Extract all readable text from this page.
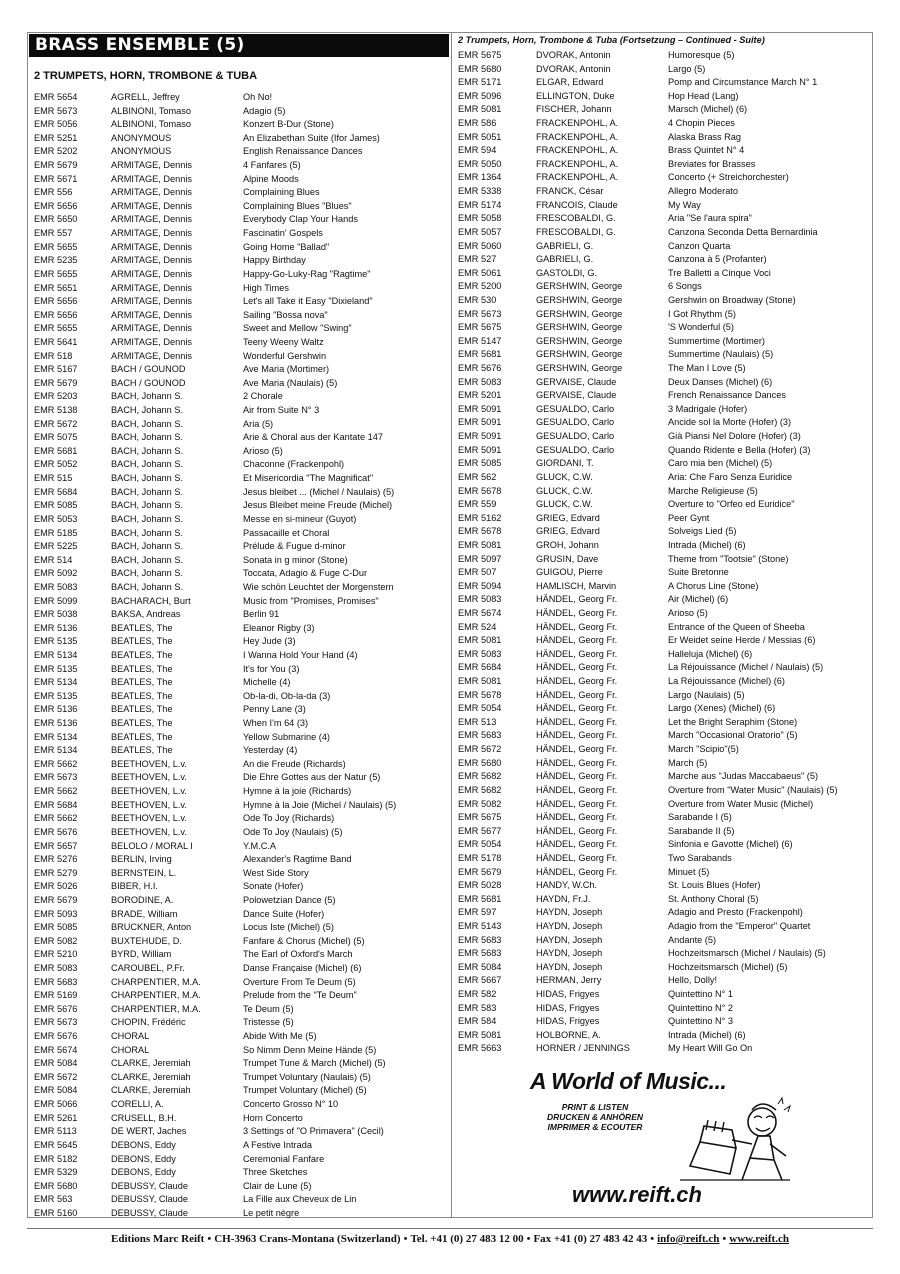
BRASS ENSEMBLE (5)
2 TRUMPETS, HORN, TROMBONE & TUBA
2 Trumpets, Horn, Trombone & Tuba (Fortsetzung – Continued - Suite)
EMR 5654	AGRELL, Jeffrey	Oh No!
EMR 5673	ALBINONI, Tomaso	Adagio (5)
EMR 5056	ALBINONI, Tomaso	Konzert B-Dur (Stone)
EMR 5251	ANONYMOUS	An Elizabethan Suite (Ifor James)
EMR 5202	ANONYMOUS	English Renaissance Dances
EMR 5679	ARMITAGE, Dennis	4 Fanfares (5)
EMR 5671	ARMITAGE, Dennis	Alpine Moods
EMR 556	ARMITAGE, Dennis	Complaining Blues
EMR 5656	ARMITAGE, Dennis	Complaining Blues "Blues"
EMR 5650	ARMITAGE, Dennis	Everybody Clap Your Hands
EMR 557	ARMITAGE, Dennis	Fascinatin' Gospels
EMR 5655	ARMITAGE, Dennis	Going Home "Ballad"
EMR 5235	ARMITAGE, Dennis	Happy Birthday
EMR 5655	ARMITAGE, Dennis	Happy-Go-Luky-Rag "Ragtime"
EMR 5651	ARMITAGE, Dennis	High Times
EMR 5656	ARMITAGE, Dennis	Let's all Take it Easy "Dixieland"
EMR 5656	ARMITAGE, Dennis	Sailing "Bossa nova"
EMR 5655	ARMITAGE, Dennis	Sweet and Mellow "Swing"
EMR 5641	ARMITAGE, Dennis	Teeny Weeny Waltz
EMR 518	ARMITAGE, Dennis	Wonderful Gershwin
EMR 5167	BACH / GOUNOD	Ave Maria (Mortimer)
EMR 5679	BACH / GOUNOD	Ave Maria (Naulais) (5)
EMR 5203	BACH, Johann S.	2 Chorale
EMR 5138	BACH, Johann S.	Air from Suite N° 3
EMR 5672	BACH, Johann S.	Aria (5)
EMR 5075	BACH, Johann S.	Arie & Choral aus der Kantate 147
EMR 5681	BACH, Johann S.	Arioso (5)
EMR 5052	BACH, Johann S.	Chaconne (Frackenpohl)
EMR 515	BACH, Johann S.	Et Misericordia "The Magnificat"
EMR 5684	BACH, Johann S.	Jesus bleibet ... (Michel / Naulais) (5)
EMR 5085	BACH, Johann S.	Jesus Bleibet meine Freude (Michel)
EMR 5053	BACH, Johann S.	Messe en si-mineur (Guyot)
EMR 5185	BACH, Johann S.	Passacaille et Choral
EMR 5225	BACH, Johann S.	Prélude & Fugue d-minor
EMR 514	BACH, Johann S.	Sonata in g minor (Stone)
EMR 5092	BACH, Johann S.	Toccata, Adagio & Fuge C-Dur
EMR 5083	BACH, Johann S.	Wie schön Leuchtet der Morgenstern
EMR 5099	BACHARACH, Burt	Music from "Promises, Promises"
EMR 5038	BAKSA, Andreas	Berlin 91
EMR 5136	BEATLES, The	Eleanor Rigby (3)
EMR 5135	BEATLES, The	Hey Jude (3)
EMR 5134	BEATLES, The	I Wanna Hold Your Hand (4)
EMR 5135	BEATLES, The	It's for You (3)
EMR 5134	BEATLES, The	Michelle (4)
EMR 5135	BEATLES, The	Ob-la-di, Ob-la-da (3)
EMR 5136	BEATLES, The	Penny Lane (3)
EMR 5136	BEATLES, The	When I'm 64 (3)
EMR 5134	BEATLES, The	Yellow Submarine (4)
EMR 5134	BEATLES, The	Yesterday (4)
EMR 5662	BEETHOVEN, L.v.	An die Freude (Richards)
EMR 5673	BEETHOVEN, L.v.	Die Ehre Gottes aus der Natur (5)
EMR 5662	BEETHOVEN, L.v.	Hymne à la joie (Richards)
EMR 5684	BEETHOVEN, L.v.	Hymne à la Joie (Michel / Naulais) (5)
EMR 5662	BEETHOVEN, L.v.	Ode To Joy (Richards)
EMR 5676	BEETHOVEN, L.v.	Ode To Joy (Naulais) (5)
EMR 5657	BELOLO / MORAL I	Y.M.C.A
EMR 5276	BERLIN, Irving	Alexander's Ragtime Band
EMR 5279	BERNSTEIN, L.	West Side Story
EMR 5026	BIBER, H.I.	Sonate (Hofer)
EMR 5679	BORODINE, A.	Polowetzian Dance (5)
EMR 5093	BRADE, William	Dance Suite (Hofer)
EMR 5085	BRUCKNER, Anton	Locus Iste (Michel) (5)
EMR 5082	BUXTEHUDE, D.	Fanfare & Chorus (Michel) (5)
EMR 5210	BYRD, William	The Earl of Oxford's March
EMR 5083	CAROUBEL, P.Fr.	Danse Française (Michel) (6)
EMR 5683	CHARPENTIER, M.A.	Overture From Te Deum (5)
EMR 5169	CHARPENTIER, M.A.	Prelude from the "Te Deum"
EMR 5676	CHARPENTIER, M.A.	Te Deum (5)
EMR 5673	CHOPIN, Frédéric	Tristesse (5)
EMR 5676	CHORAL	Abide With Me (5)
EMR 5674	CHORAL	So Nimm Denn Meine Hände (5)
EMR 5084	CLARKE, Jeremiah	Trumpet Tune & March (Michel) (5)
EMR 5672	CLARKE, Jeremiah	Trumpet Voluntary (Naulais) (5)
EMR 5084	CLARKE, Jeremiah	Trumpet Voluntary (Michel) (5)
EMR 5066	CORELLI, A.	Concerto Grosso N° 10
EMR 5261	CRUSELL, B.H.	Horn Concerto
EMR 5113	DE WERT, Jaches	3 Settings of "O Primavera" (Cecil)
EMR 5645	DEBONS, Eddy	A Festive Intrada
EMR 5182	DEBONS, Eddy	Ceremonial Fanfare
EMR 5329	DEBONS, Eddy	Three Sketches
EMR 5680	DEBUSSY, Claude	Clair de Lune (5)
EMR 563	DEBUSSY, Claude	La Fille aux Cheveux de Lin
EMR 5160	DEBUSSY, Claude	Le petit nègre
EMR 5675	DVORAK, Antonin	Humoresque (5)
EMR 5680	DVORAK, Antonin	Largo (5)
EMR 5171	ELGAR, Edward	Pomp and Circumstance March N° 1
EMR 5096	ELLINGTON, Duke	Hop Head (Lang)
EMR 5081	FISCHER, Johann	Marsch (Michel) (6)
EMR 586	FRACKENPOHL, A.	4 Chopin Pieces
EMR 5051	FRACKENPOHL, A.	Alaska Brass Rag
EMR 594	FRACKENPOHL, A.	Brass Quintet N° 4
EMR 5050	FRACKENPOHL, A.	Breviates for Brasses
EMR 1364	FRACKENPOHL, A.	Concerto (+ Streichorchester)
EMR 5338	FRANCK, César	Allegro Moderato
EMR 5174	FRANCOIS, Claude	My Way
EMR 5058	FRESCOBALDI, G.	Aria "Se l'aura spira"
EMR 5057	FRESCOBALDI, G.	Canzona Seconda Detta Bernardinia
EMR 5060	GABRIELI, G.	Canzon Quarta
EMR 527	GABRIELI, G.	Canzona à 5 (Profanter)
EMR 5061	GASTOLDI, G.	Tre Balletti a Cinque Voci
EMR 5200	GERSHWIN, George	6 Songs
EMR 530	GERSHWIN, George	Gershwin on Broadway (Stone)
EMR 5673	GERSHWIN, George	I Got Rhythm (5)
EMR 5675	GERSHWIN, George	'S Wonderful (5)
EMR 5147	GERSHWIN, George	Summertime (Mortimer)
EMR 5681	GERSHWIN, George	Summertime (Naulais) (5)
EMR 5676	GERSHWIN, George	The Man I Love (5)
EMR 5083	GERVAISE, Claude	Deux Danses (Michel) (6)
EMR 5201	GERVAISE, Claude	French Renaissance Dances
EMR 5091	GESUALDO, Carlo	3 Madrigale (Hofer)
EMR 5091	GESUALDO, Carlo	Ancide sol la Morte (Hofer) (3)
EMR 5091	GESUALDO, Carlo	Già Piansi Nel Dolore (Hofer) (3)
EMR 5091	GESUALDO, Carlo	Quando Ridente e Bella (Hofer) (3)
EMR 5085	GIORDANI, T.	Caro mia ben (Michel) (5)
EMR 562	GLUCK, C.W.	Aria: Che Faro Senza Euridice
EMR 5678	GLUCK, C.W.	Marche Religieuse (5)
EMR 559	GLUCK, C.W.	Overture to "Orfeo ed Euridice"
EMR 5162	GRIEG, Edvard	Peer Gynt
EMR 5678	GRIEG, Edvard	Solveigs Lied (5)
EMR 5081	GROH, Johann	Intrada (Michel) (6)
EMR 5097	GRUSIN, Dave	Theme from "Tootsie" (Stone)
EMR 507	GUIGOU, Pierre	Suite Bretonne
EMR 5094	HAMLISCH, Marvin	A Chorus Line (Stone)
EMR 5083	HÄNDEL, Georg Fr.	Air (Michel) (6)
EMR 5674	HÄNDEL, Georg Fr.	Arioso (5)
EMR 524	HÄNDEL, Georg Fr.	Entrance of the Queen of Sheeba
EMR 5081	HÄNDEL, Georg Fr.	Er Weidet seine Herde / Messias (6)
EMR 5083	HÄNDEL, Georg Fr.	Halleluja (Michel) (6)
EMR 5684	HÄNDEL, Georg Fr.	La Réjouissance (Michel / Naulais) (5)
EMR 5081	HÄNDEL, Georg Fr.	La Réjouissance (Michel) (6)
EMR 5678	HÄNDEL, Georg Fr.	Largo (Naulais) (5)
EMR 5054	HÄNDEL, Georg Fr.	Largo (Xenes) (Michel) (6)
EMR 513	HÄNDEL, Georg Fr.	Let the Bright Seraphim (Stone)
EMR 5683	HÄNDEL, Georg Fr.	March "Occasional Oratorio" (5)
EMR 5672	HÄNDEL, Georg Fr.	March "Scipio"(5)
EMR 5680	HÄNDEL, Georg Fr.	March (5)
EMR 5682	HÄNDEL, Georg Fr.	Marche aus "Judas Maccabaeus" (5)
EMR 5682	HÄNDEL, Georg Fr.	Overture from "Water Music" (Naulais) (5)
EMR 5082	HÄNDEL, Georg Fr.	Overture from Water Music (Michel)
EMR 5675	HÄNDEL, Georg Fr.	Sarabande I (5)
EMR 5677	HÄNDEL, Georg Fr.	Sarabande II (5)
EMR 5054	HÄNDEL, Georg Fr.	Sinfonia e Gavotte (Michel) (6)
EMR 5178	HÄNDEL, Georg Fr.	Two Sarabands
EMR 5679	HÄNDEL, Georg Fr.	Minuet (5)
EMR 5028	HANDY, W.Ch.	St. Louis Blues (Hofer)
EMR 5681	HAYDN, Fr.J.	St. Anthony Choral (5)
EMR 597	HAYDN, Joseph	Adagio and Presto (Frackenpohl)
EMR 5143	HAYDN, Joseph	Adagio from the "Emperor" Quartet
EMR 5683	HAYDN, Joseph	Andante (5)
EMR 5683	HAYDN, Joseph	Hochzeitsmarsch (Michel / Naulais) (5)
EMR 5084	HAYDN, Joseph	Hochzeitsmarsch (Michel) (5)
EMR 5667	HERMAN, Jerry	Hello, Dolly!
EMR 582	HIDAS, Frigyes	Quintettino N° 1
EMR 583	HIDAS, Frigyes	Quintettino N° 2
EMR 584	HIDAS, Frigyes	Quintettino N° 3
EMR 5081	HOLBORNE, A.	Intrada (Michel) (6)
EMR 5663	HORNER / JENNINGS	My Heart Will Go On
A World of Music...
PRINT & LISTEN
DRUCKEN & ANHÖREN
IMPRIMER & ECOUTER
www.reift.ch
Editions Marc Reift • CH-3963 Crans-Montana (Switzerland) • Tel. +41 (0) 27 483 12 00 • Fax +41 (0) 27 483 42 43 • info@reift.ch • www.reift.ch
